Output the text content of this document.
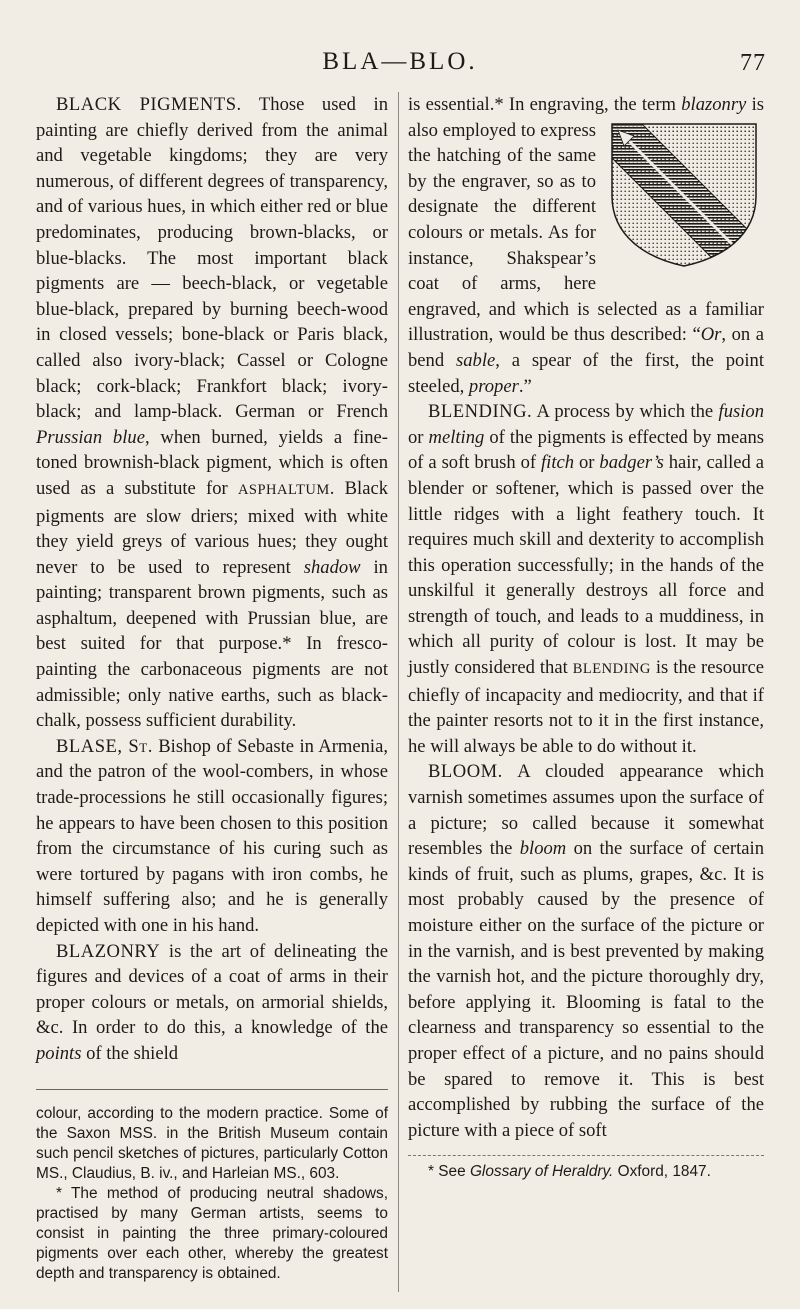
BLA—BLO.	77

BLACK PIGMENTS. Those used in painting are chiefly derived from the animal and vegetable kingdoms; they are very numerous, of different degrees of transparency, and of various hues, in which either red or blue predominates, producing brown-blacks, or blue-blacks. The most important black pigments are — beech-black, or vegetable blue-black, prepared by burning beech-wood in closed vessels; bone-black or Paris black, called also ivory-black; Cassel or Cologne black; cork-black; Frankfort black; ivory-black; and lamp-black. German or French Prussian blue, when burned, yields a fine-toned brownish-black pigment, which is often used as a substitute for ASPHALTUM. Black pigments are slow driers; mixed with white they yield greys of various hues; they ought never to be used to represent shadow in painting; transparent brown pigments, such as asphaltum, deepened with Prussian blue, are best suited for that purpose.* In fresco-painting the carbonaceous pigments are not admissible; only native earths, such as black-chalk, possess sufficient durability.

BLASE, St. Bishop of Sebaste in Armenia, and the patron of the wool-combers, in whose trade-processions he still occasionally figures; he appears to have been chosen to this position from the circumstance of his curing such as were tortured by pagans with iron combs, he himself suffering also; and he is generally depicted with one in his hand.

BLAZONRY is the art of delineating the figures and devices of a coat of arms in their proper colours or metals, on armorial shields, &c. In order to do this, a knowledge of the points of the shield

colour, according to the modern practice. Some of the Saxon MSS. in the British Museum contain such pencil sketches of pictures, particularly Cotton MS., Claudius, B. iv., and Harleian MS., 603.

* The method of producing neutral shadows, practised by many German artists, seems to consist in painting the three primary-coloured pigments over each other, whereby the greatest depth and transparency is obtained.

is essential.* In engraving, the term blazonry
is also employed to express the hatching of the same by the engraver, so as to designate the different colours or metals. As for instance, Shakspear’s coat of arms, here engraved, and which is selected as a familiar illustration, would be thus described: “Or, on a bend sable, a spear of the first, the point steeled, proper.”

BLENDING. A process by which the fusion or melting of the pigments is effected by means of a soft brush of fitch or badger’s hair, called a blender or softener, which is passed over the little ridges with a light feathery touch. It requires much skill and dexterity to accomplish this operation successfully; in the hands of the unskilful it generally destroys all force and strength of touch, and leads to a muddiness, in which all purity of colour is lost. It may be justly considered that BLENDING is the resource chiefly of incapacity and mediocrity, and that if the painter resorts not to it in the first instance, he will always be able to do without it.

BLOOM. A clouded appearance which varnish sometimes assumes upon the surface of a picture; so called because it somewhat resembles the bloom on the surface of certain kinds of fruit, such as plums, grapes, &c. It is most probably caused by the presence of moisture either on the surface of the picture or in the varnish, and is best prevented by making the varnish hot, and the picture thoroughly dry, before applying it. Blooming is fatal to the clearness and transparency so essential to the proper effect of a picture, and no pains should be spared to remove it. This is best accomplished by rubbing the surface of the picture with a piece of soft

* See Glossary of Heraldry. Oxford, 1847.
